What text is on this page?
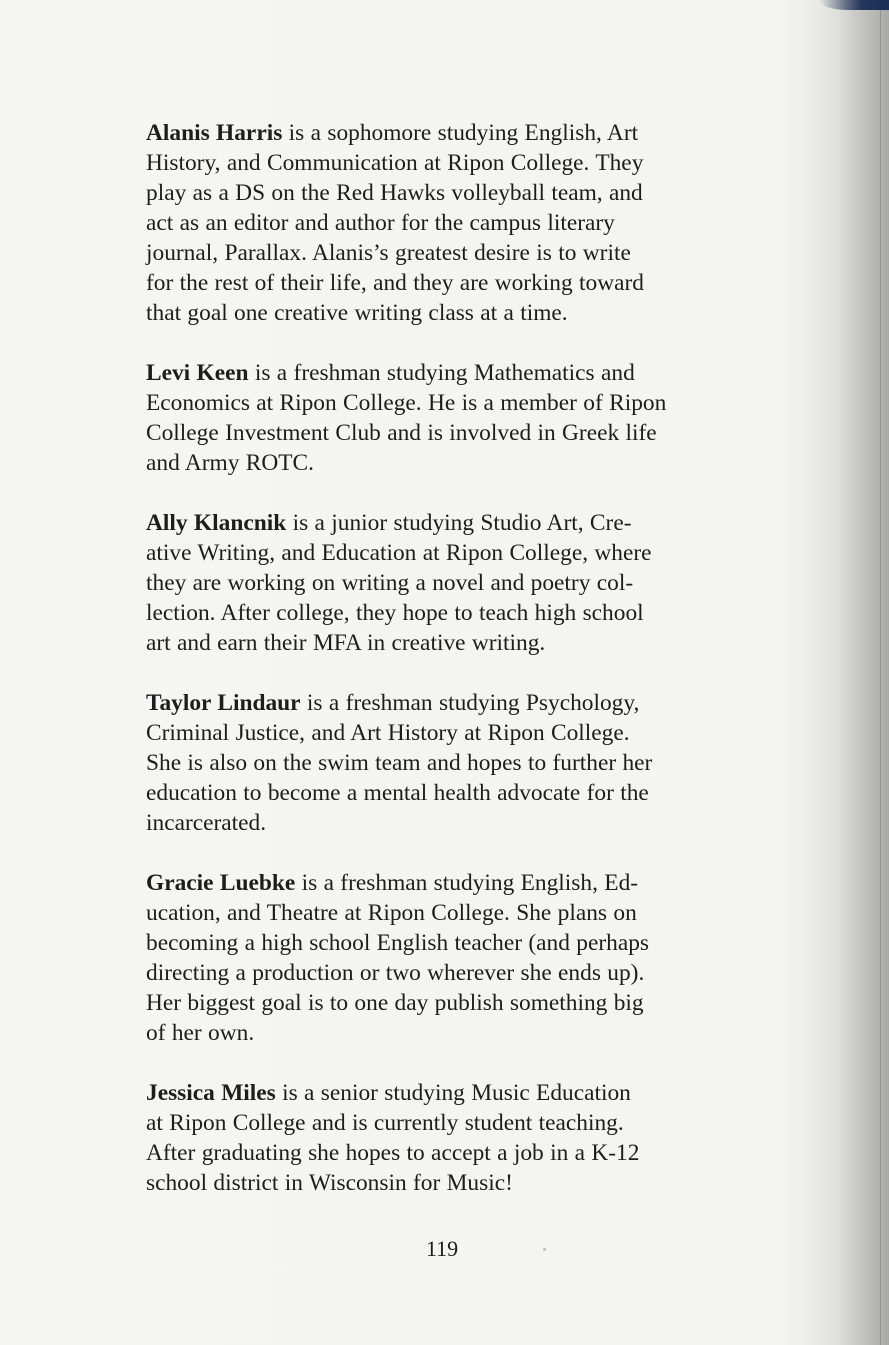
Alanis Harris is a sophomore studying English, Art
History, and Communication at Ripon College. They
play as a DS on the Red Hawks volleyball team, and
act as an editor and author for the campus literary
journal, Parallax. Alanis’s greatest desire is to write
for the rest of their life, and they are working toward
that goal one creative writing class at a time.
Levi Keen is a freshman studying Mathematics and
Economics at Ripon College. He is a member of Ripon
College Investment Club and is involved in Greek life
and Army ROTC.
Ally Klancnik is a junior studying Studio Art, Cre-
ative Writing, and Education at Ripon College, where
they are working on writing a novel and poetry col-
lection. After college, they hope to teach high school
art and earn their MFA in creative writing.
Taylor Lindaur is a freshman studying Psychology,
Criminal Justice, and Art History at Ripon College.
She is also on the swim team and hopes to further her
education to become a mental health advocate for the
incarcerated.
Gracie Luebke is a freshman studying English, Ed-
ucation, and Theatre at Ripon College. She plans on
becoming a high school English teacher (and perhaps
directing a production or two wherever she ends up).
Her biggest goal is to one day publish something big
of her own.
Jessica Miles is a senior studying Music Education
at Ripon College and is currently student teaching.
After graduating she hopes to accept a job in a K-12
school district in Wisconsin for Music!
119
